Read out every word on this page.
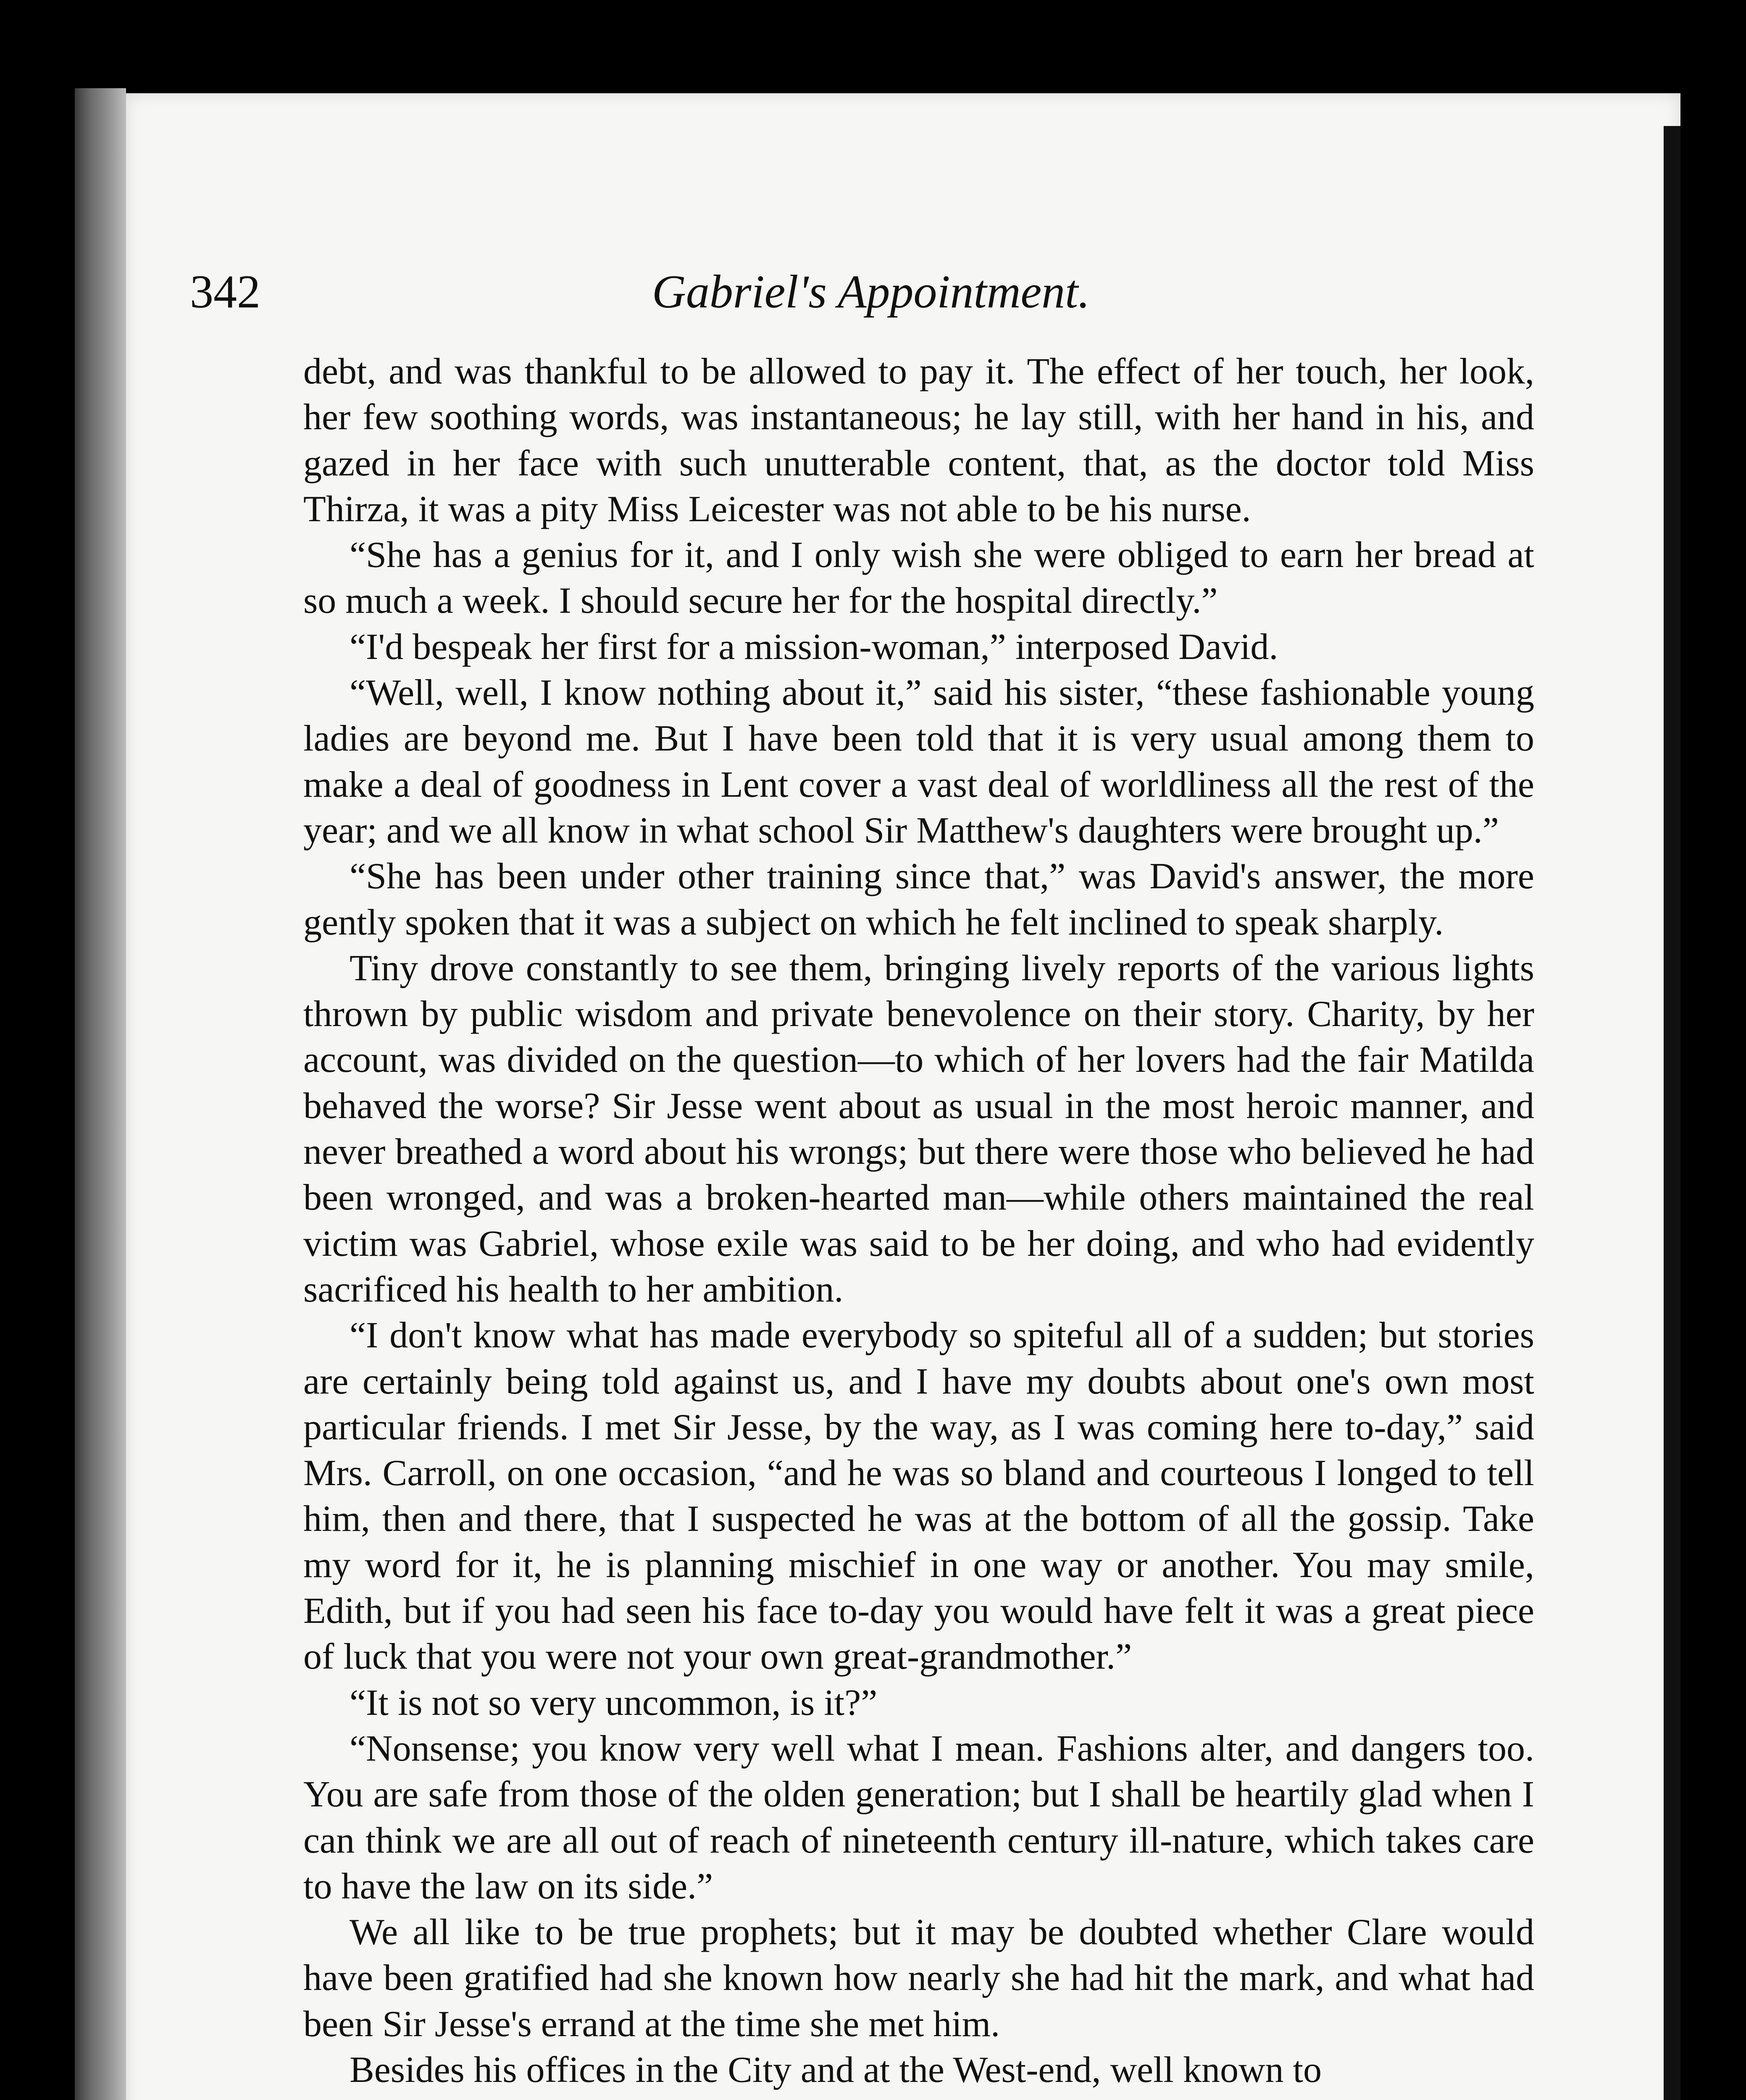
342	Gabriel's Appointment.

debt, and was thankful to be allowed to pay it. The effect of her touch, her look, her few soothing words, was instantaneous; he lay still, with her hand in his, and gazed in her face with such unutterable content, that, as the doctor told Miss Thirza, it was a pity Miss Leicester was not able to be his nurse.

“She has a genius for it, and I only wish she were obliged to earn her bread at so much a week. I should secure her for the hospital directly.”

“I'd bespeak her first for a mission-woman,” interposed David.

“Well, well, I know nothing about it,” said his sister, “these fashionable young ladies are beyond me. But I have been told that it is very usual among them to make a deal of goodness in Lent cover a vast deal of worldliness all the rest of the year; and we all know in what school Sir Matthew's daughters were brought up.”

“She has been under other training since that,” was David's answer, the more gently spoken that it was a subject on which he felt inclined to speak sharply.

Tiny drove constantly to see them, bringing lively reports of the various lights thrown by public wisdom and private benevolence on their story. Charity, by her account, was divided on the question—to which of her lovers had the fair Matilda behaved the worse? Sir Jesse went about as usual in the most heroic manner, and never breathed a word about his wrongs; but there were those who believed he had been wronged, and was a broken-hearted man—while others maintained the real victim was Gabriel, whose exile was said to be her doing, and who had evidently sacrificed his health to her ambition.

“I don't know what has made everybody so spiteful all of a sudden; but stories are certainly being told against us, and I have my doubts about one's own most particular friends. I met Sir Jesse, by the way, as I was coming here to-day,” said Mrs. Carroll, on one occasion, “and he was so bland and courteous I longed to tell him, then and there, that I suspected he was at the bottom of all the gossip. Take my word for it, he is planning mischief in one way or another. You may smile, Edith, but if you had seen his face to-day you would have felt it was a great piece of luck that you were not your own great-grandmother.”

“It is not so very uncommon, is it?”

“Nonsense; you know very well what I mean. Fashions alter, and dangers too. You are safe from those of the olden generation; but I shall be heartily glad when I can think we are all out of reach of nineteenth century ill-nature, which takes care to have the law on its side.”

We all like to be true prophets; but it may be doubted whether Clare would have been gratified had she known how nearly she had hit the mark, and what had been Sir Jesse's errand at the time she met him.

Besides his offices in the City and at the West-end, well known to
